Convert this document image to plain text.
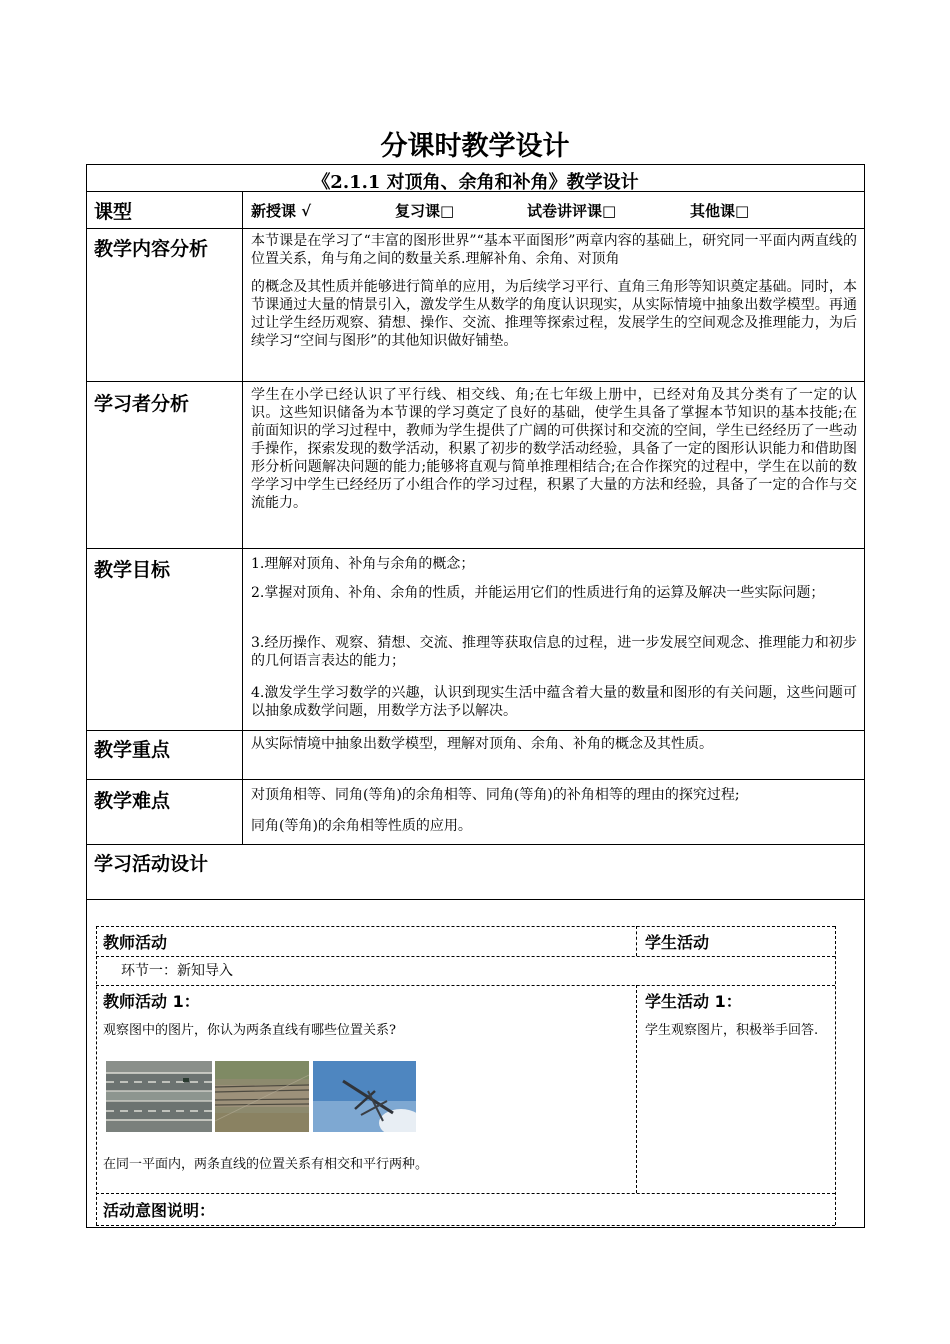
分课时教学设计
《2.1.1 对顶角、余角和补角》教学设计
课型	新授课 √	复习课□	试卷讲评课□	其他课□
教学内容分析	本节课是在学习了“丰富的图形世界”“基本平面图形”两章内容的基础上，研究同一平面内两直线的位置关系，角与角之间的数量关系.理解补角、余角、对顶角
的概念及其性质并能够进行简单的应用，为后续学习平行、直角三角形等知识奠定基础。同时，本节课通过大量的情景引入，激发学生从数学的角度认识现实，从实际情境中抽象出数学模型。再通过让学生经历观察、猜想、操作、交流、推理等探索过程，发展学生的空间观念及推理能力，为后续学习“空间与图形”的其他知识做好铺垫。
学习者分析	学生在小学已经认识了平行线、相交线、角;在七年级上册中，已经对角及其分类有了一定的认识。这些知识储备为本节课的学习奠定了良好的基础，使学生具备了掌握本节知识的基本技能;在前面知识的学习过程中，教师为学生提供了广阔的可供探讨和交流的空间，学生已经经历了一些动手操作，探索发现的数学活动，积累了初步的数学活动经验，具备了一定的图形认识能力和借助图形分析问题解决问题的能力;能够将直观与简单推理相结合;在合作探究的过程中，学生在以前的数学学习中学生已经经历了小组合作的学习过程，积累了大量的方法和经验，具备了一定的合作与交流能力。
教学目标	1.理解对顶角、补角与余角的概念；
2.掌握对顶角、补角、余角的性质，并能运用它们的性质进行角的运算及解决一些实际问题；
3.经历操作、观察、猜想、交流、推理等获取信息的过程，进一步发展空间观念、推理能力和初步的几何语言表达的能力；
4.激发学生学习数学的兴趣，认识到现实生活中蕴含着大量的数量和图形的有关问题，这些问题可以抽象成数学问题，用数学方法予以解决。
教学重点	从实际情境中抽象出数学模型，理解对顶角、余角、补角的概念及其性质。
教学难点	对顶角相等、同角(等角)的余角相等、同角(等角)的补角相等的理由的探究过程;
同角(等角)的余角相等性质的应用。
学习活动设计
教师活动	学生活动
环节一：新知导入
教师活动 1：	学生活动 1：
观察图中的图片，你认为两条直线有哪些位置关系?	学生观察图片，积极举手回答.
在同一平面内，两条直线的位置关系有相交和平行两种。
活动意图说明：
